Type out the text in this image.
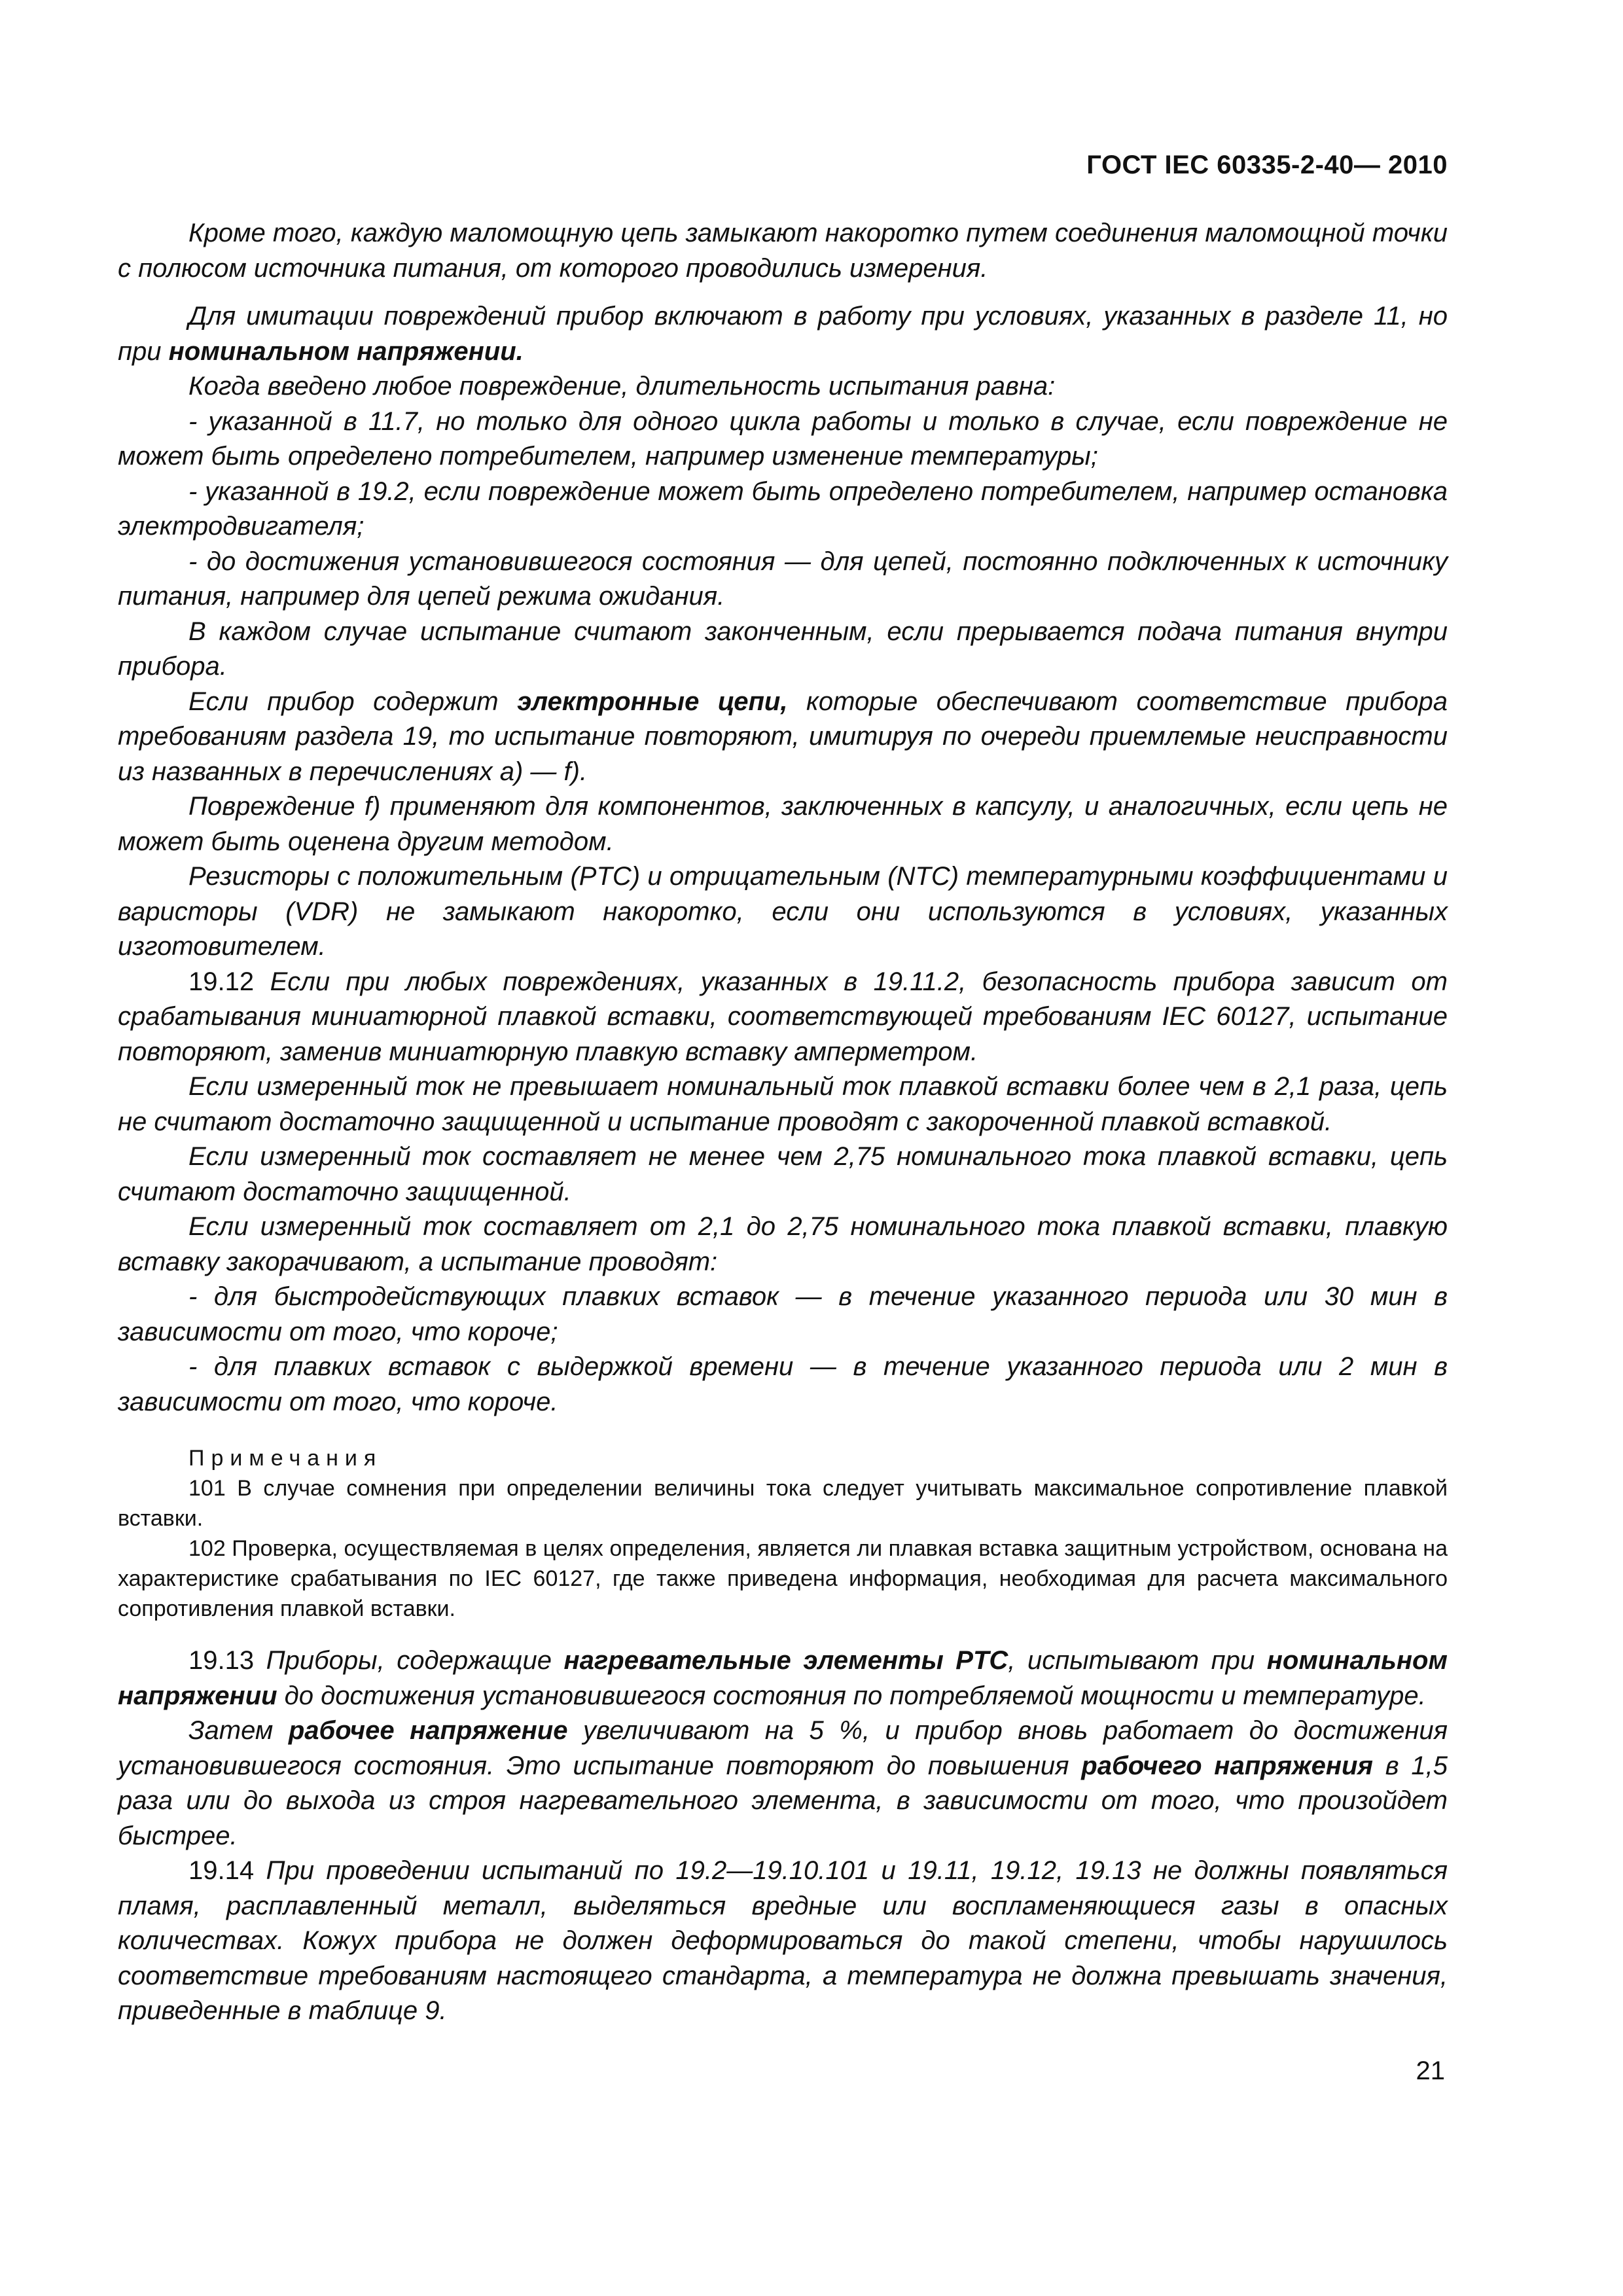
ГОСТ IEC 60335-2-40— 2010

Кроме того, каждую маломощную цепь замыкают накоротко путем соединения маломощной точки с полюсом источника питания, от которого проводились измерения.

Для имитации повреждений прибор включают в работу при условиях, указанных в разделе 11, но при номинальном напряжении.

Когда введено любое повреждение, длительность испытания равна:

- указанной в 11.7, но только для одного цикла работы и только в случае, если повреждение не может быть определено потребителем, например изменение температуры;

- указанной в 19.2, если повреждение может быть определено потребителем, например остановка электродвигателя;

- до достижения установившегося состояния — для цепей, постоянно подключенных к источнику питания, например для цепей режима ожидания.

В каждом случае испытание считают законченным, если прерывается подача питания внутри прибора.

Если прибор содержит электронные цепи, которые обеспечивают соответствие прибора требованиям раздела 19, то испытание повторяют, имитируя по очереди приемлемые неисправности из названных в перечислениях а) — f).

Повреждение f) применяют для компонентов, заключенных в капсулу, и аналогичных, если цепь не может быть оценена другим методом.

Резисторы с положительным (PTC) и отрицательным (NTC) температурными коэффициентами и варисторы (VDR) не замыкают накоротко, если они используются в условиях, указанных изготовителем.

19.12 Если при любых повреждениях, указанных в 19.11.2, безопасность прибора зависит от срабатывания миниатюрной плавкой вставки, соответствующей требованиям IEC 60127, испытание повторяют, заменив миниатюрную плавкую вставку амперметром.

Если измеренный ток не превышает номинальный ток плавкой вставки более чем в 2,1 раза, цепь не считают достаточно защищенной и испытание проводят с закороченной плавкой вставкой.

Если измеренный ток составляет не менее чем 2,75 номинального тока плавкой вставки, цепь считают достаточно защищенной.

Если измеренный ток составляет от 2,1 до 2,75 номинального тока плавкой вставки, плавкую вставку закорачивают, а испытание проводят:

- для быстродействующих плавких вставок — в течение указанного периода или 30 мин в зависимости от того, что короче;

- для плавких вставок с выдержкой времени — в течение указанного периода или 2 мин в зависимости от того, что короче.

Примечания

101 В случае сомнения при определении величины тока следует учитывать максимальное сопротивление плавкой вставки.

102 Проверка, осуществляемая в целях определения, является ли плавкая вставка защитным устройством, основана на характеристике срабатывания по IEC 60127, где также приведена информация, необходимая для расчета максимального сопротивления плавкой вставки.

19.13 Приборы, содержащие нагревательные элементы PTC, испытывают при номинальном напряжении до достижения установившегося состояния по потребляемой мощности и температуре.

Затем рабочее напряжение увеличивают на 5 %, и прибор вновь работает до достижения установившегося состояния. Это испытание повторяют до повышения рабочего напряжения в 1,5 раза или до выхода из строя нагревательного элемента, в зависимости от того, что произойдет быстрее.

19.14 При проведении испытаний по 19.2—19.10.101 и 19.11, 19.12, 19.13 не должны появляться пламя, расплавленный металл, выделяться вредные или воспламеняющиеся газы в опасных количествах. Кожух прибора не должен деформироваться до такой степени, чтобы нарушилось соответствие требованиям настоящего стандарта, а температура не должна превышать значения, приведенные в таблице 9.

21
